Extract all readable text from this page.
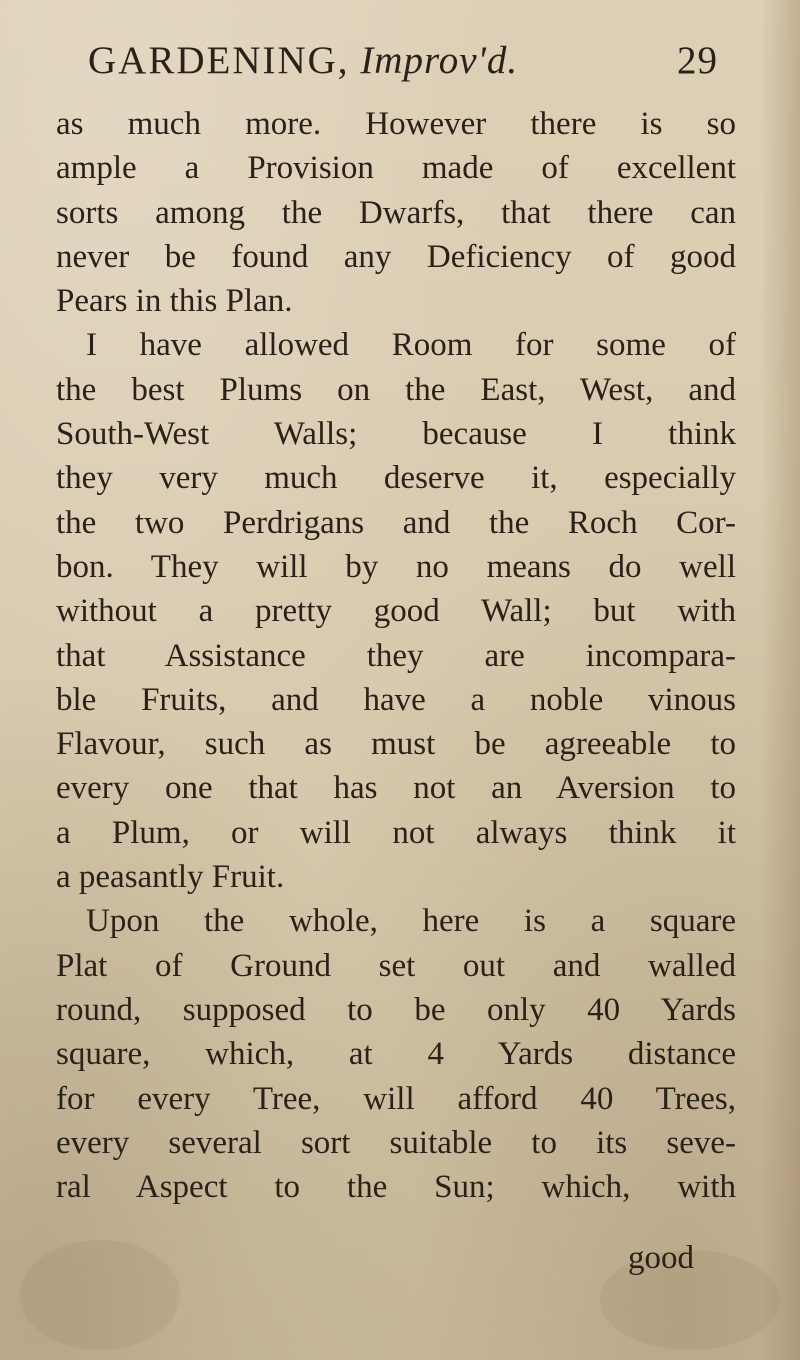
GARDENING, Improv'd.	29
as much more. However there is so
ample a Provision made of excellent
sorts among the Dwarfs, that there can
never be found any Deficiency of good
Pears in this Plan.
I have allowed Room for some of
the best Plums on the East, West, and
South-West Walls; because I think
they very much deserve it, especially
the two Perdrigans and the Roch Cor-
bon. They will by no means do well
without a pretty good Wall; but with
that Assistance they are incompara-
ble Fruits, and have a noble vinous
Flavour, such as must be agreeable to
every one that has not an Aversion to
a Plum, or will not always think it
a peasantly Fruit.
Upon the whole, here is a square
Plat of Ground set out and walled
round, supposed to be only 40 Yards
square, which, at 4 Yards distance
for every Tree, will afford 40 Trees,
every several sort suitable to its seve-
ral Aspect to the Sun; which, with
good
